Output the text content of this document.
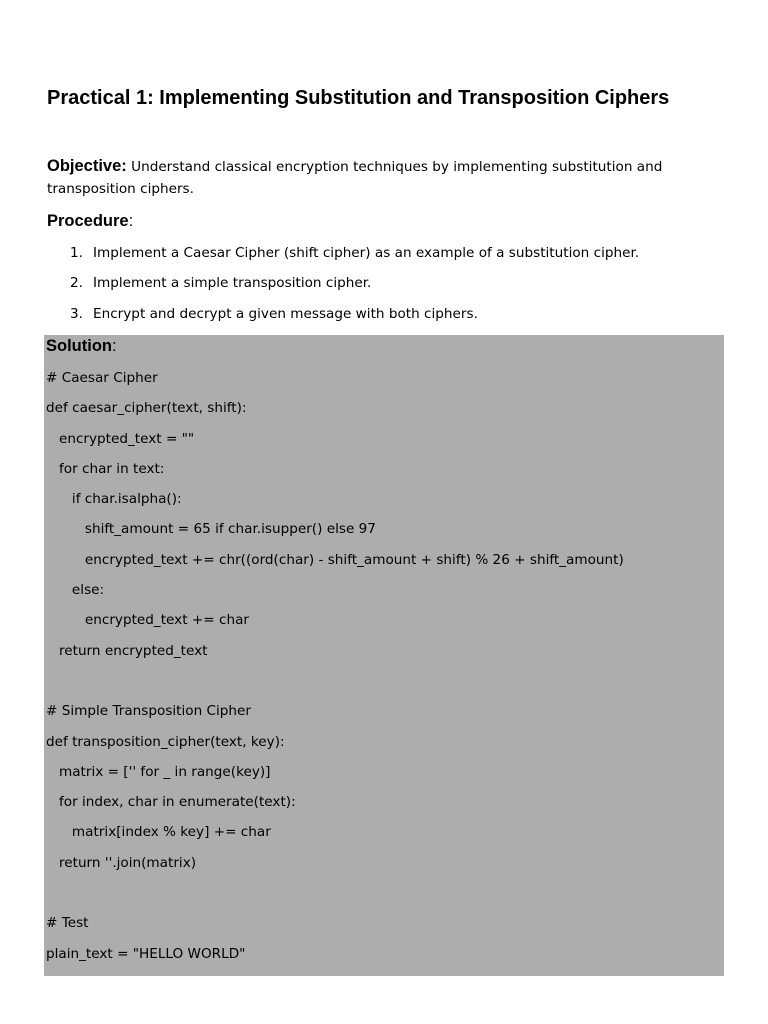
Practical 1: Implementing Substitution and Transposition Ciphers

Objective: Understand classical encryption techniques by implementing substitution and transposition ciphers.

Procedure:

1. Implement a Caesar Cipher (shift cipher) as an example of a substitution cipher.
2. Implement a simple transposition cipher.
3. Encrypt and decrypt a given message with both ciphers.

Solution:

# Caesar Cipher
def caesar_cipher(text, shift):
encrypted_text = ""
for char in text:
if char.isalpha():
shift_amount = 65 if char.isupper() else 97
encrypted_text += chr((ord(char) - shift_amount + shift) % 26 + shift_amount)
else:
encrypted_text += char
return encrypted_text
# Simple Transposition Cipher
def transposition_cipher(text, key):
matrix = ['' for _ in range(key)]
for index, char in enumerate(text):
matrix[index % key] += char
return ''.join(matrix)
# Test
plain_text = "HELLO WORLD"
